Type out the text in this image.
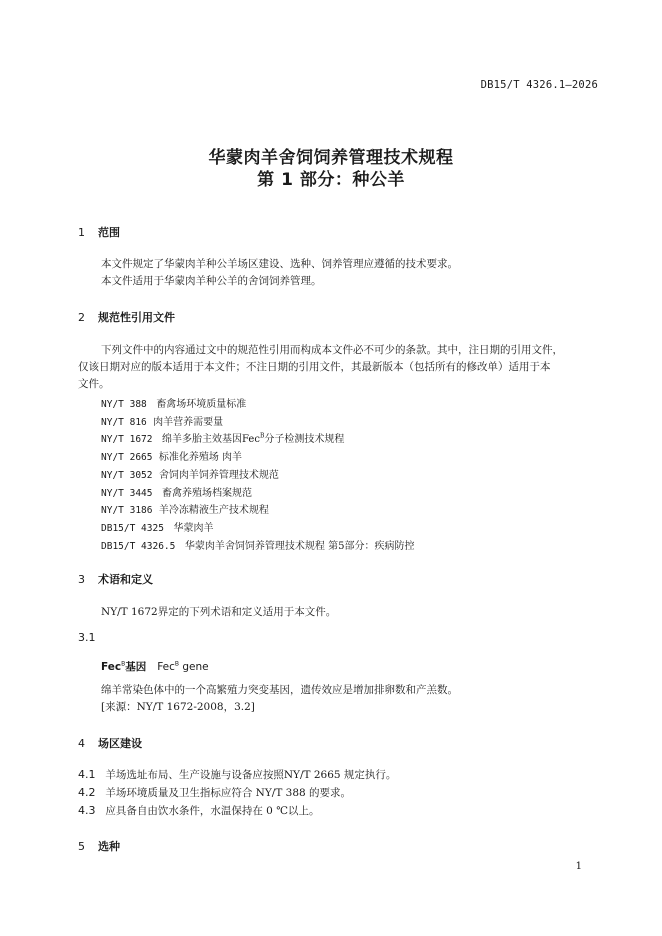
DB15/T 4326.1—2026
华蒙肉羊舍饲饲养管理技术规程
第 1 部分：种公羊
1 范围
本文件规定了华蒙肉羊种公羊场区建设、选种、饲养管理应遵循的技术要求。
本文件适用于华蒙肉羊种公羊的舍饲饲养管理。
2 规范性引用文件
下列文件中的内容通过文中的规范性引用而构成本文件必不可少的条款。其中，注日期的引用文件，
仅该日期对应的版本适用于本文件；不注日期的引用文件，其最新版本（包括所有的修改单）适用于本
文件。
NY/T 388 畜禽场环境质量标准
NY/T 816 肉羊营养需要量
NY/T 1672 绵羊多胎主效基因Fec$^B$分子检测技术规程
NY/T 2665 标准化养殖场 肉羊
NY/T 3052 舍饲肉羊饲养管理技术规范
NY/T 3445 畜禽养殖场档案规范
NY/T 3186 羊冷冻精液生产技术规程
DB15/T 4325 华蒙肉羊
DB15/T 4326.5 华蒙肉羊舍饲饲养管理技术规程 第5部分：疾病防控
3 术语和定义
NY/T 1672界定的下列术语和定义适用于本文件。
3.1
Fec$^B$基因 Fec$^B$ gene
绵羊常染色体中的一个高繁殖力突变基因，遗传效应是增加排卵数和产羔数。
[来源：NY/T 1672-2008，3.2]
4 场区建设
4.1 羊场选址布局、生产设施与设备应按照NY/T 2665 规定执行。
4.2 羊场环境质量及卫生指标应符合 NY/T 388 的要求。
4.3 应具备自由饮水条件，水温保持在 0 ℃以上。
5 选种
1
